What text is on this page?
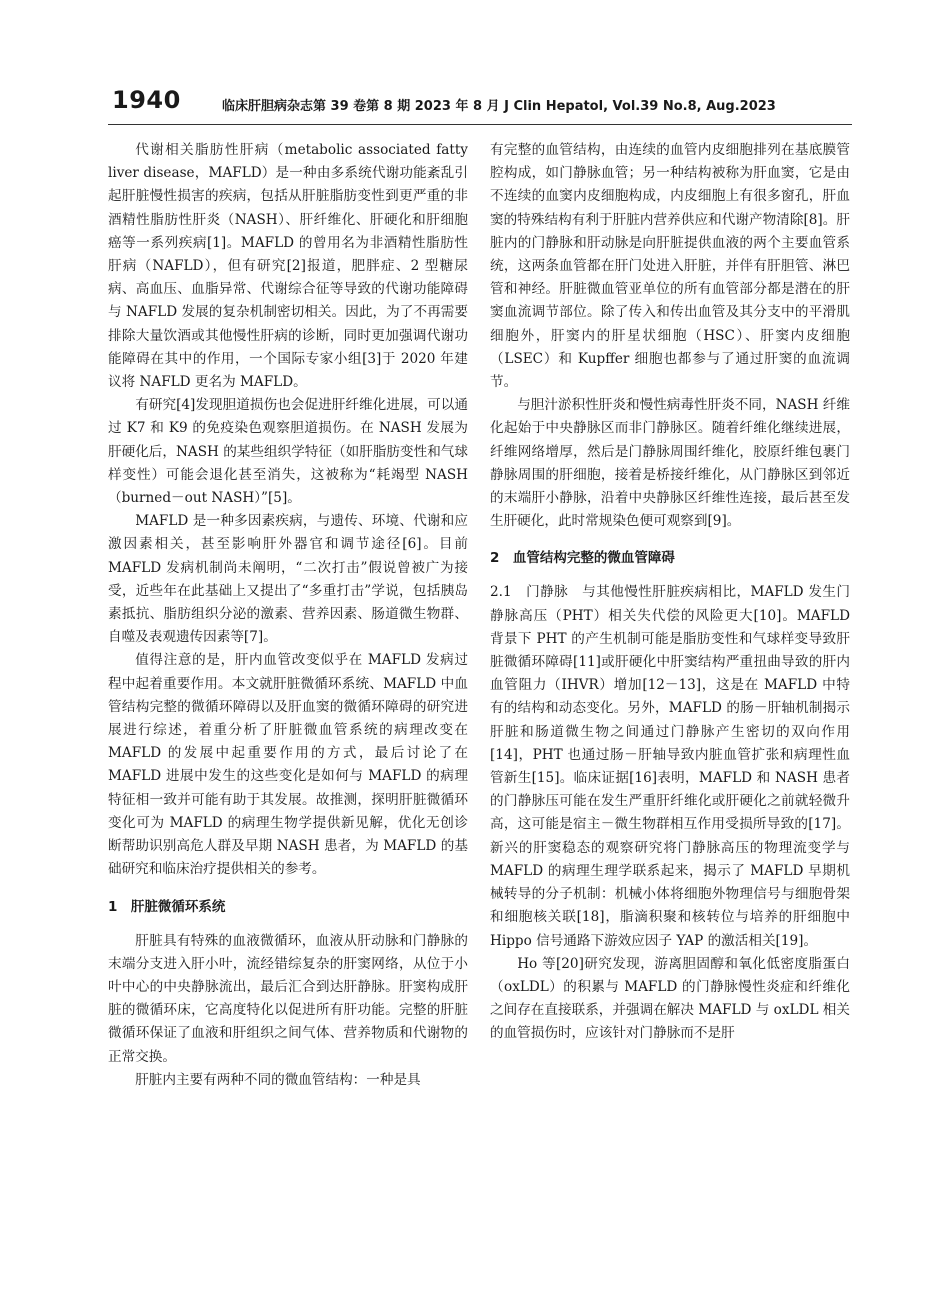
1940	临床肝胆病杂志第 39 卷第 8 期 2023 年 8 月 J Clin Hepatol, Vol.39 No.8, Aug.2023

代谢相关脂肪性肝病（metabolic associated fatty liver disease，MAFLD）是一种由多系统代谢功能紊乱引起肝脏慢性损害的疾病，包括从肝脏脂肪变性到更严重的非酒精性脂肪性肝炎（NASH）、肝纤维化、肝硬化和肝细胞癌等一系列疾病[1]。MAFLD 的曾用名为非酒精性脂肪性肝病（NAFLD），但有研究[2]报道，肥胖症、2 型糖尿病、高血压、血脂异常、代谢综合征等导致的代谢功能障碍与 NAFLD 发展的复杂机制密切相关。因此，为了不再需要排除大量饮酒或其他慢性肝病的诊断，同时更加强调代谢功能障碍在其中的作用，一个国际专家小组[3]于 2020 年建议将 NAFLD 更名为 MAFLD。

有研究[4]发现胆道损伤也会促进肝纤维化进展，可以通过 K7 和 K9 的免疫染色观察胆道损伤。在 NASH 发展为肝硬化后，NASH 的某些组织学特征（如肝脂肪变性和气球样变性）可能会退化甚至消失，这被称为“耗竭型 NASH（burned－out NASH）”[5]。

MAFLD 是一种多因素疾病，与遗传、环境、代谢和应激因素相关，甚至影响肝外器官和调节途径[6]。目前 MAFLD 发病机制尚未阐明，“二次打击”假说曾被广为接受，近些年在此基础上又提出了“多重打击”学说，包括胰岛素抵抗、脂肪组织分泌的激素、营养因素、肠道微生物群、自噬及表观遗传因素等[7]。

值得注意的是，肝内血管改变似乎在 MAFLD 发病过程中起着重要作用。本文就肝脏微循环系统、MAFLD 中血管结构完整的微循环障碍以及肝血窦的微循环障碍的研究进展进行综述，着重分析了肝脏微血管系统的病理改变在 MAFLD 的发展中起重要作用的方式，最后讨论了在 MAFLD 进展中发生的这些变化是如何与 MAFLD 的病理特征相一致并可能有助于其发展。故推测，探明肝脏微循环变化可为 MAFLD 的病理生物学提供新见解，优化无创诊断帮助识别高危人群及早期 NASH 患者，为 MAFLD 的基础研究和临床治疗提供相关的参考。

1　肝脏微循环系统

肝脏具有特殊的血液微循环，血液从肝动脉和门静脉的末端分支进入肝小叶，流经错综复杂的肝窦网络，从位于小叶中心的中央静脉流出，最后汇合到达肝静脉。肝窦构成肝脏的微循环床，它高度特化以促进所有肝功能。完整的肝脏微循环保证了血液和肝组织之间气体、营养物质和代谢物的正常交换。

肝脏内主要有两种不同的微血管结构：一种是具

有完整的血管结构，由连续的血管内皮细胞排列在基底膜管腔构成，如门静脉血管；另一种结构被称为肝血窦，它是由不连续的血窦内皮细胞构成，内皮细胞上有很多窗孔，肝血窦的特殊结构有利于肝脏内营养供应和代谢产物清除[8]。肝脏内的门静脉和肝动脉是向肝脏提供血液的两个主要血管系统，这两条血管都在肝门处进入肝脏，并伴有肝胆管、淋巴管和神经。肝脏微血管亚单位的所有血管部分都是潜在的肝窦血流调节部位。除了传入和传出血管及其分支中的平滑肌细胞外，肝窦内的肝星状细胞（HSC）、肝窦内皮细胞（LSEC）和 Kupffer 细胞也都参与了通过肝窦的血流调节。

与胆汁淤积性肝炎和慢性病毒性肝炎不同，NASH 纤维化起始于中央静脉区而非门静脉区。随着纤维化继续进展，纤维网络增厚，然后是门静脉周围纤维化，胶原纤维包裹门静脉周围的肝细胞，接着是桥接纤维化，从门静脉区到邻近的末端肝小静脉，沿着中央静脉区纤维性连接，最后甚至发生肝硬化，此时常规染色便可观察到[9]。

2　血管结构完整的微血管障碍

2.1　门静脉　与其他慢性肝脏疾病相比，MAFLD 发生门静脉高压（PHT）相关失代偿的风险更大[10]。MAFLD 背景下 PHT 的产生机制可能是脂肪变性和气球样变导致肝脏微循环障碍[11]或肝硬化中肝窦结构严重扭曲导致的肝内血管阻力（IHVR）增加[12－13]，这是在 MAFLD 中特有的结构和动态变化。另外，MAFLD 的肠－肝轴机制揭示肝脏和肠道微生物之间通过门静脉产生密切的双向作用[14]，PHT 也通过肠－肝轴导致内脏血管扩张和病理性血管新生[15]。临床证据[16]表明，MAFLD 和 NASH 患者的门静脉压可能在发生严重肝纤维化或肝硬化之前就轻微升高，这可能是宿主－微生物群相互作用受损所导致的[17]。新兴的肝窦稳态的观察研究将门静脉高压的物理流变学与 MAFLD 的病理生理学联系起来，揭示了 MAFLD 早期机械转导的分子机制：机械小体将细胞外物理信号与细胞骨架和细胞核关联[18]，脂滴积聚和核转位与培养的肝细胞中 Hippo 信号通路下游效应因子 YAP 的激活相关[19]。

Ho 等[20]研究发现，游离胆固醇和氧化低密度脂蛋白（oxLDL）的积累与 MAFLD 的门静脉慢性炎症和纤维化之间存在直接联系，并强调在解决 MAFLD 与 oxLDL 相关的血管损伤时，应该针对门静脉而不是肝
